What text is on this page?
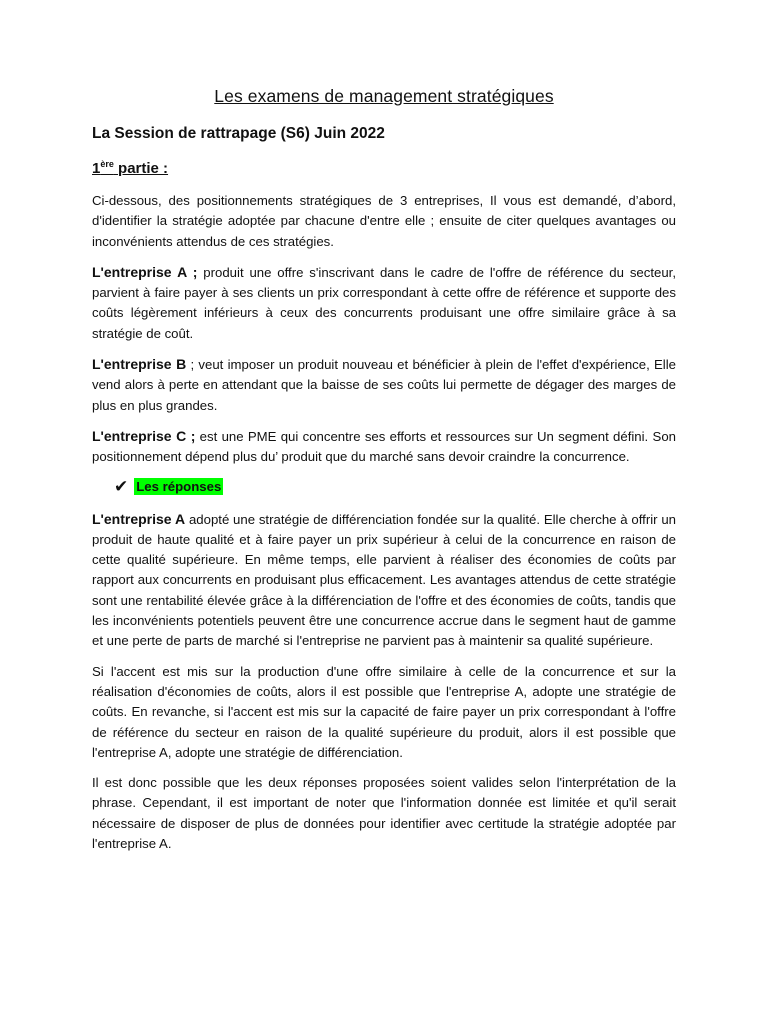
Les examens de management stratégiques
La Session de rattrapage (S6) Juin 2022
1ère partie :

Ci-dessous, des positionnements stratégiques de 3 entreprises, Il vous est demandé, d’abord, d'identifier la stratégie adoptée par chacune d'entre elle ; ensuite de citer quelques avantages ou inconvénients attendus de ces stratégies.

L'entreprise A ; produit une offre s'inscrivant dans le cadre de l'offre de référence du secteur, parvient à faire payer à ses clients un prix correspondant à cette offre de référence et supporte des coûts légèrement inférieurs à ceux des concurrents produisant une offre similaire grâce à sa stratégie de coût.

L'entreprise B ; veut imposer un produit nouveau et bénéficier à plein de l'effet d'expérience, Elle vend alors à perte en attendant que la baisse de ses coûts lui permette de dégager des marges de plus en plus grandes.

L'entreprise C ; est une PME qui concentre ses efforts et ressources sur Un segment défini. Son positionnement dépend plus du’ produit que du marché sans devoir craindre la concurrence.

✔ Les réponses

L'entreprise A adopté une stratégie de différenciation fondée sur la qualité. Elle cherche à offrir un produit de haute qualité et à faire payer un prix supérieur à celui de la concurrence en raison de cette qualité supérieure. En même temps, elle parvient à réaliser des économies de coûts par rapport aux concurrents en produisant plus efficacement. Les avantages attendus de cette stratégie sont une rentabilité élevée grâce à la différenciation de l'offre et des économies de coûts, tandis que les inconvénients potentiels peuvent être une concurrence accrue dans le segment haut de gamme et une perte de parts de marché si l'entreprise ne parvient pas à maintenir sa qualité supérieure.

Si l'accent est mis sur la production d'une offre similaire à celle de la concurrence et sur la réalisation d'économies de coûts, alors il est possible que l'entreprise A, adopte une stratégie de coûts. En revanche, si l'accent est mis sur la capacité de faire payer un prix correspondant à l'offre de référence du secteur en raison de la qualité supérieure du produit, alors il est possible que l'entreprise A, adopte une stratégie de différenciation.

Il est donc possible que les deux réponses proposées soient valides selon l'interprétation de la phrase. Cependant, il est important de noter que l'information donnée est limitée et qu'il serait nécessaire de disposer de plus de données pour identifier avec certitude la stratégie adoptée par l'entreprise A.
